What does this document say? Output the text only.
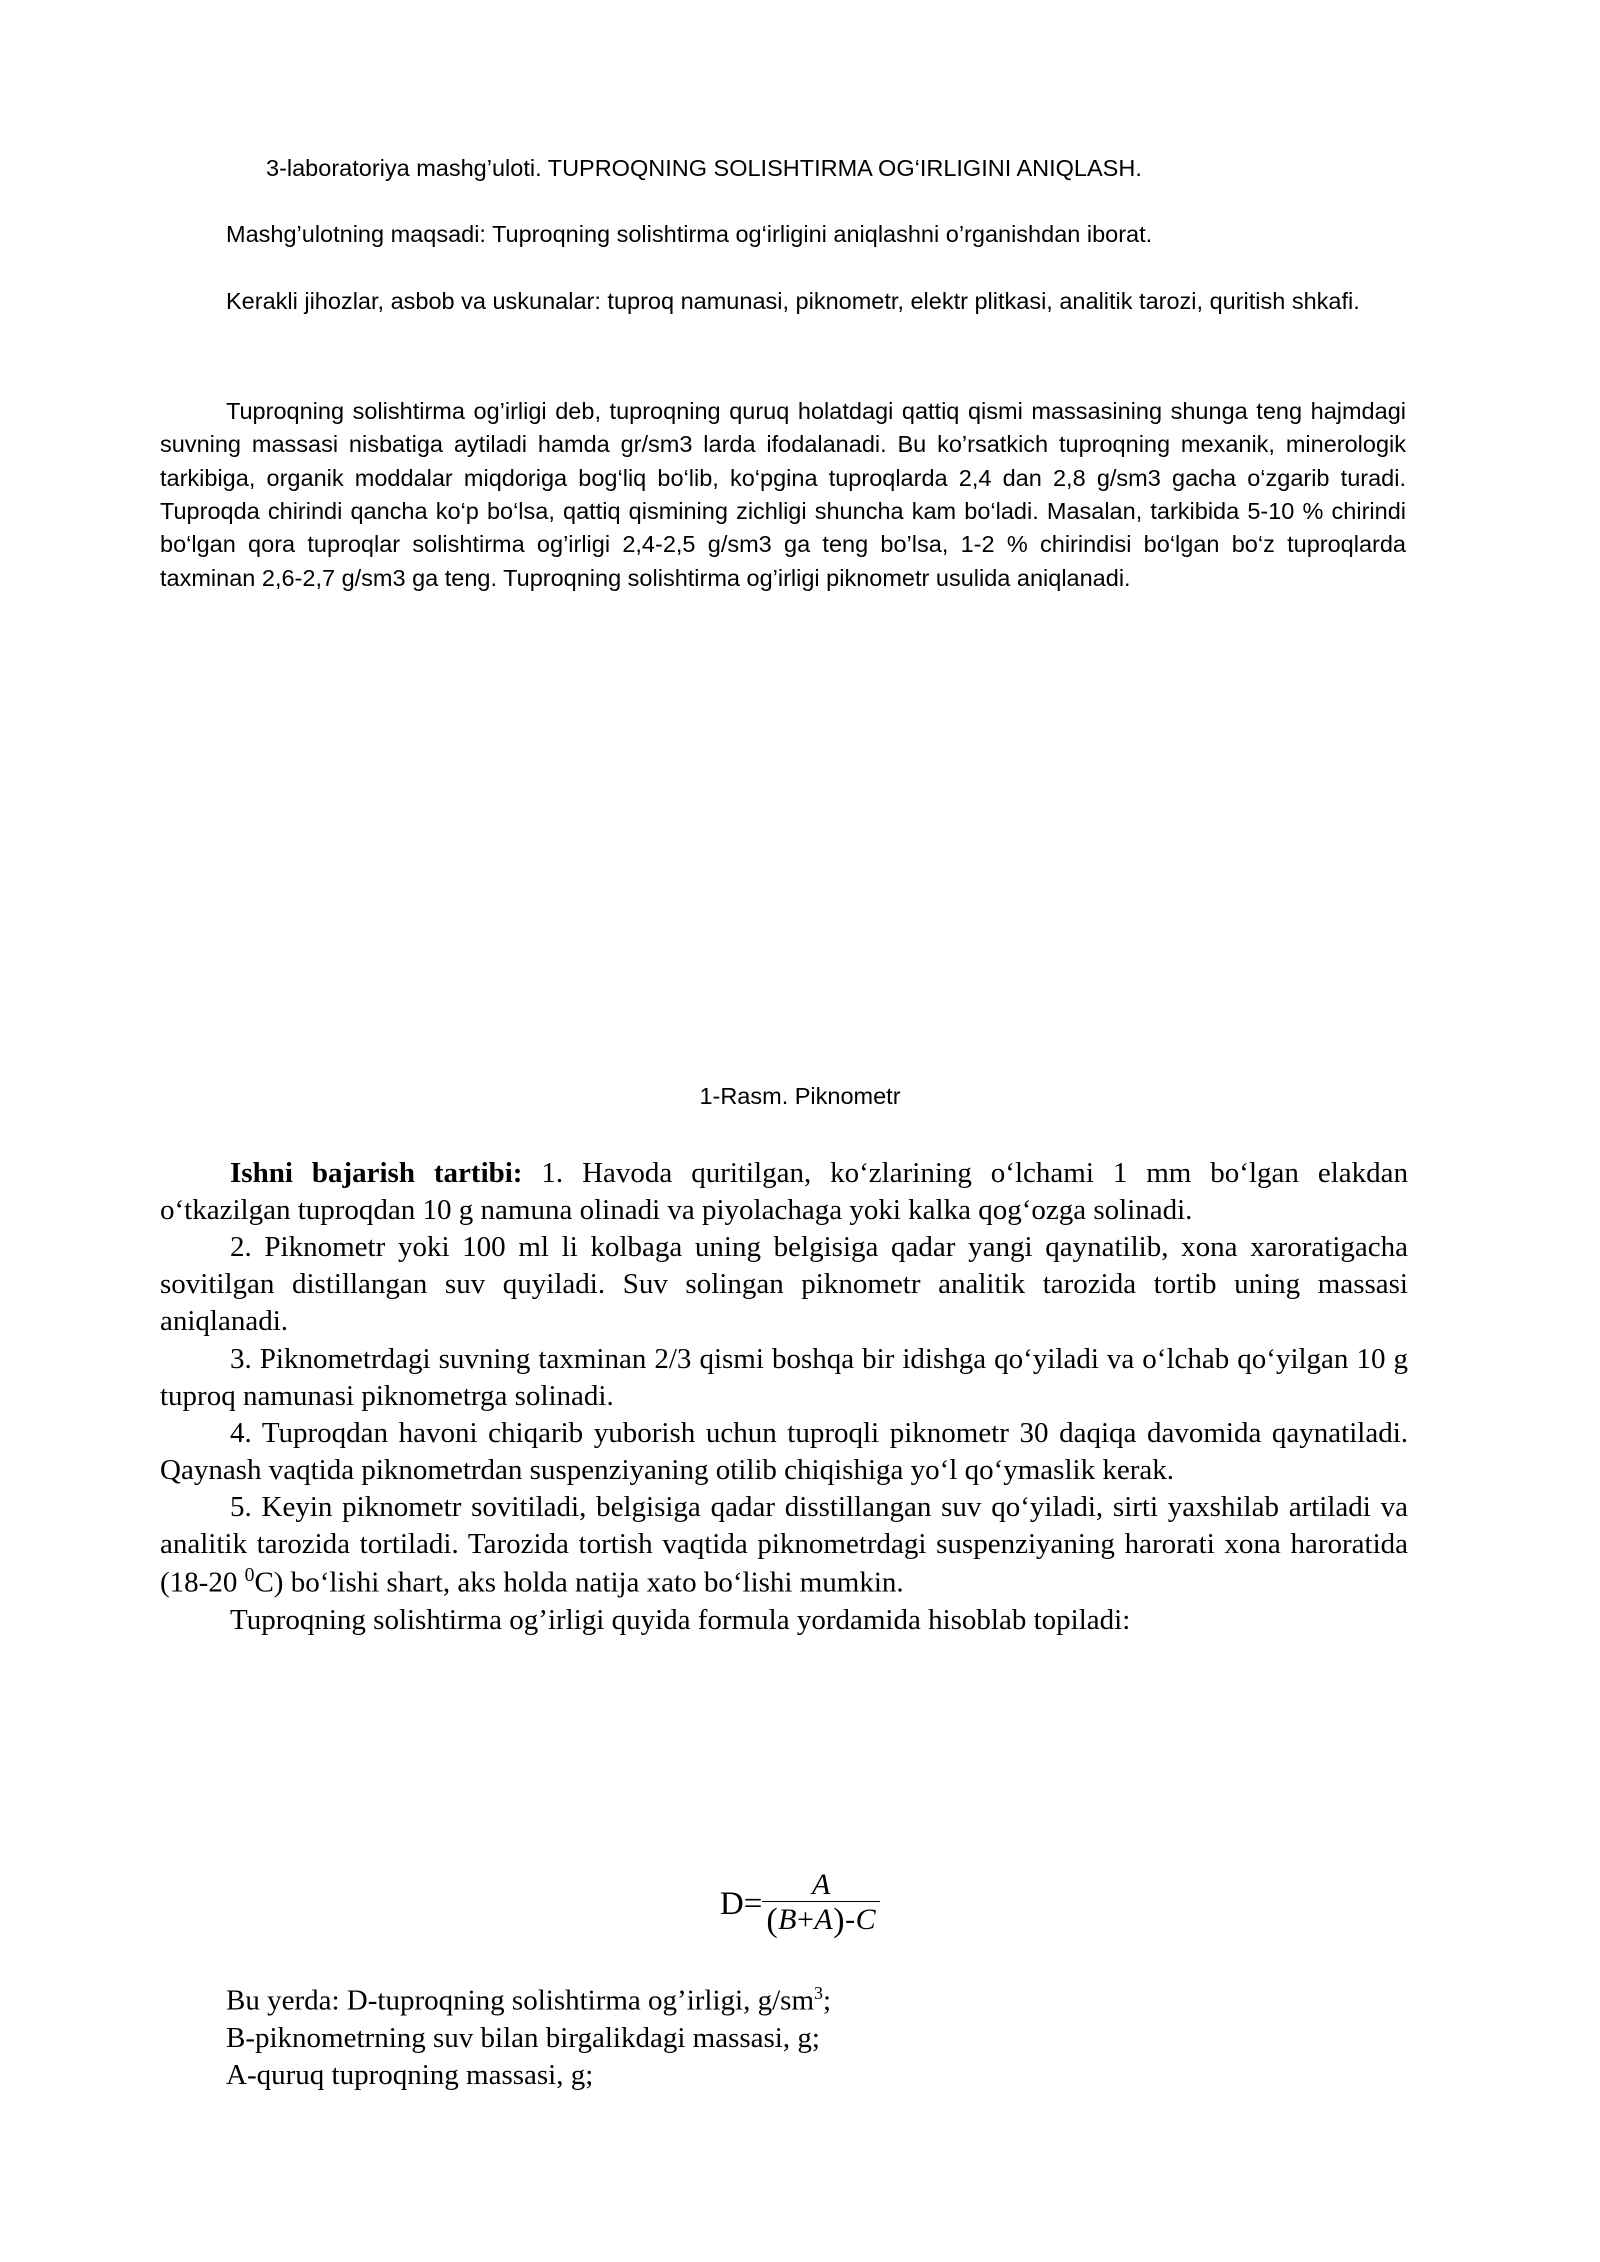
3-laboratoriya mashg’uloti. TUPROQNING SOLISHTIRMA OG‘IRLIGINI ANIQLASH.
Mashg’ulotning maqsadi: Tuproqning solishtirma og‘irligini aniqlashni o’rganishdan iborat.
Kerakli jihozlar, asbob va uskunalar: tuproq namunasi, piknometr, elektr plitkasi, analitik tarozi, quritish shkafi.
Tuproqning solishtirma og’irligi deb, tuproqning quruq holatdagi qattiq qismi massasining shunga teng hajmdagi suvning massasi nisbatiga aytiladi hamda gr/sm3 larda ifodalanadi. Bu ko’rsatkich tuproqning mexanik, minerologik tarkibiga, organik moddalar miqdoriga bog‘liq bo‘lib, ko‘pgina tuproqlarda 2,4 dan 2,8 g/sm3 gacha o‘zgarib turadi. Tuproqda chirindi qancha ko‘p bo‘lsa, qattiq qismining zichligi shuncha kam bo‘ladi. Masalan, tarkibida 5-10 % chirindi bo‘lgan qora tuproqlar solishtirma og’irligi 2,4-2,5 g/sm3 ga teng bo’lsa, 1-2 % chirindisi bo‘lgan bo‘z tuproqlarda taxminan 2,6-2,7 g/sm3 ga teng. Tuproqning solishtirma og’irligi piknometr usulida aniqlanadi.
1-Rasm. Piknometr

Ishni bajarish tartibi: 1. Havoda quritilgan, ko‘zlarining o‘lchami 1 mm bo‘lgan elakdan o‘tkazilgan tuproqdan 10 g namuna olinadi va piyolachaga yoki kalka qog‘ozga solinadi.

2. Piknometr yoki 100 ml li kolbaga uning belgisiga qadar yangi qaynatilib, xona xaroratigacha sovitilgan distillangan suv quyiladi. Suv solingan piknometr analitik tarozida tortib uning massasi aniqlanadi.

3. Piknometrdagi suvning taxminan 2/3 qismi boshqa bir idishga qo‘yiladi va o‘lchab qo‘yilgan 10 g tuproq namunasi piknometrga solinadi.

4. Tuproqdan havoni chiqarib yuborish uchun tuproqli piknometr 30 daqiqa davomida qaynatiladi. Qaynash vaqtida piknometrdan suspenziyaning otilib chiqishiga yo‘l qo‘ymaslik kerak.

5. Keyin piknometr sovitiladi, belgisiga qadar disstillangan suv qo‘yiladi, sirti yaxshilab artiladi va analitik tarozida tortiladi. Tarozida tortish vaqtida piknometrdagi suspenziyaning harorati xona haroratida (18-20 $^0$C) bo‘lishi shart, aks holda natija xato bo‘lishi mumkin.

Tuproqning solishtirma og’irligi quyida formula yordamida hisoblab topiladi:

$D= \frac{A}{(B+A)-C}$

Bu yerda: D-tuproqning solishtirma og’irligi, $g/sm^3$;

B-piknometrning suv bilan birgalikdagi massasi, g;

A-quruq tuproqning massasi, g;
